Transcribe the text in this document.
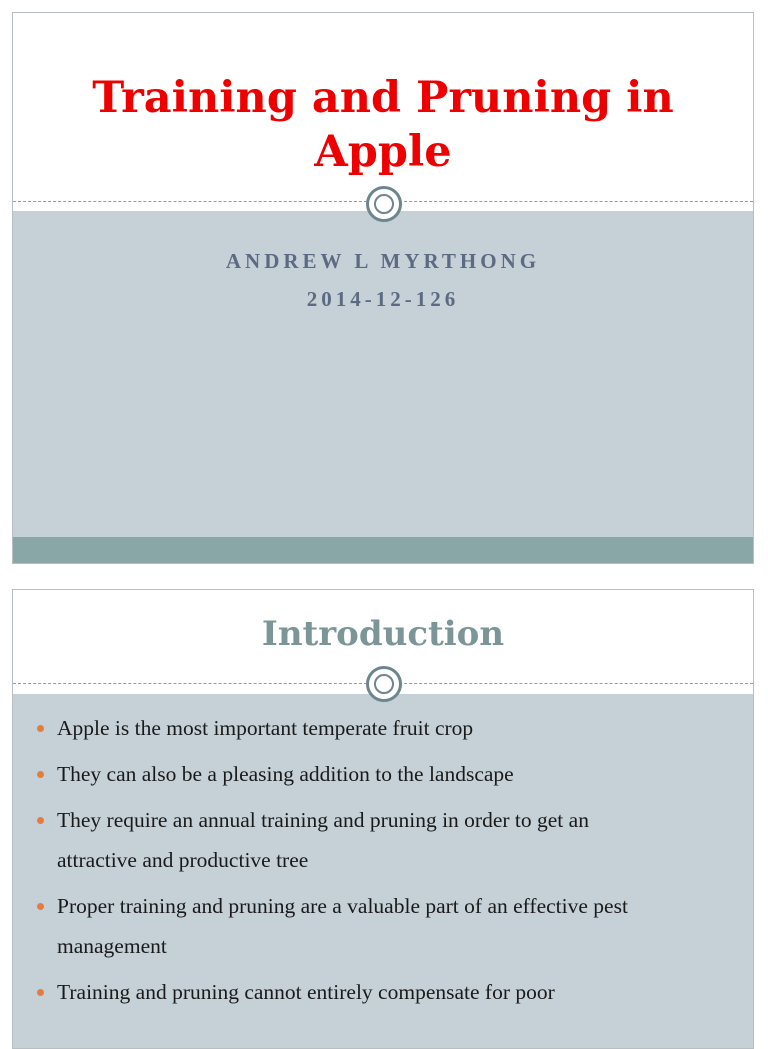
Training and Pruning in
Apple

ANDREW L MYRTHONG

2014-12-126

Introduction
Apple is the most important temperate fruit crop
They can also be a pleasing addition to the landscape
They require an annual training and pruning in order to get an
attractive and productive tree
Proper training and pruning are a valuable part of an effective pest
management
Training and pruning cannot entirely compensate for poor
